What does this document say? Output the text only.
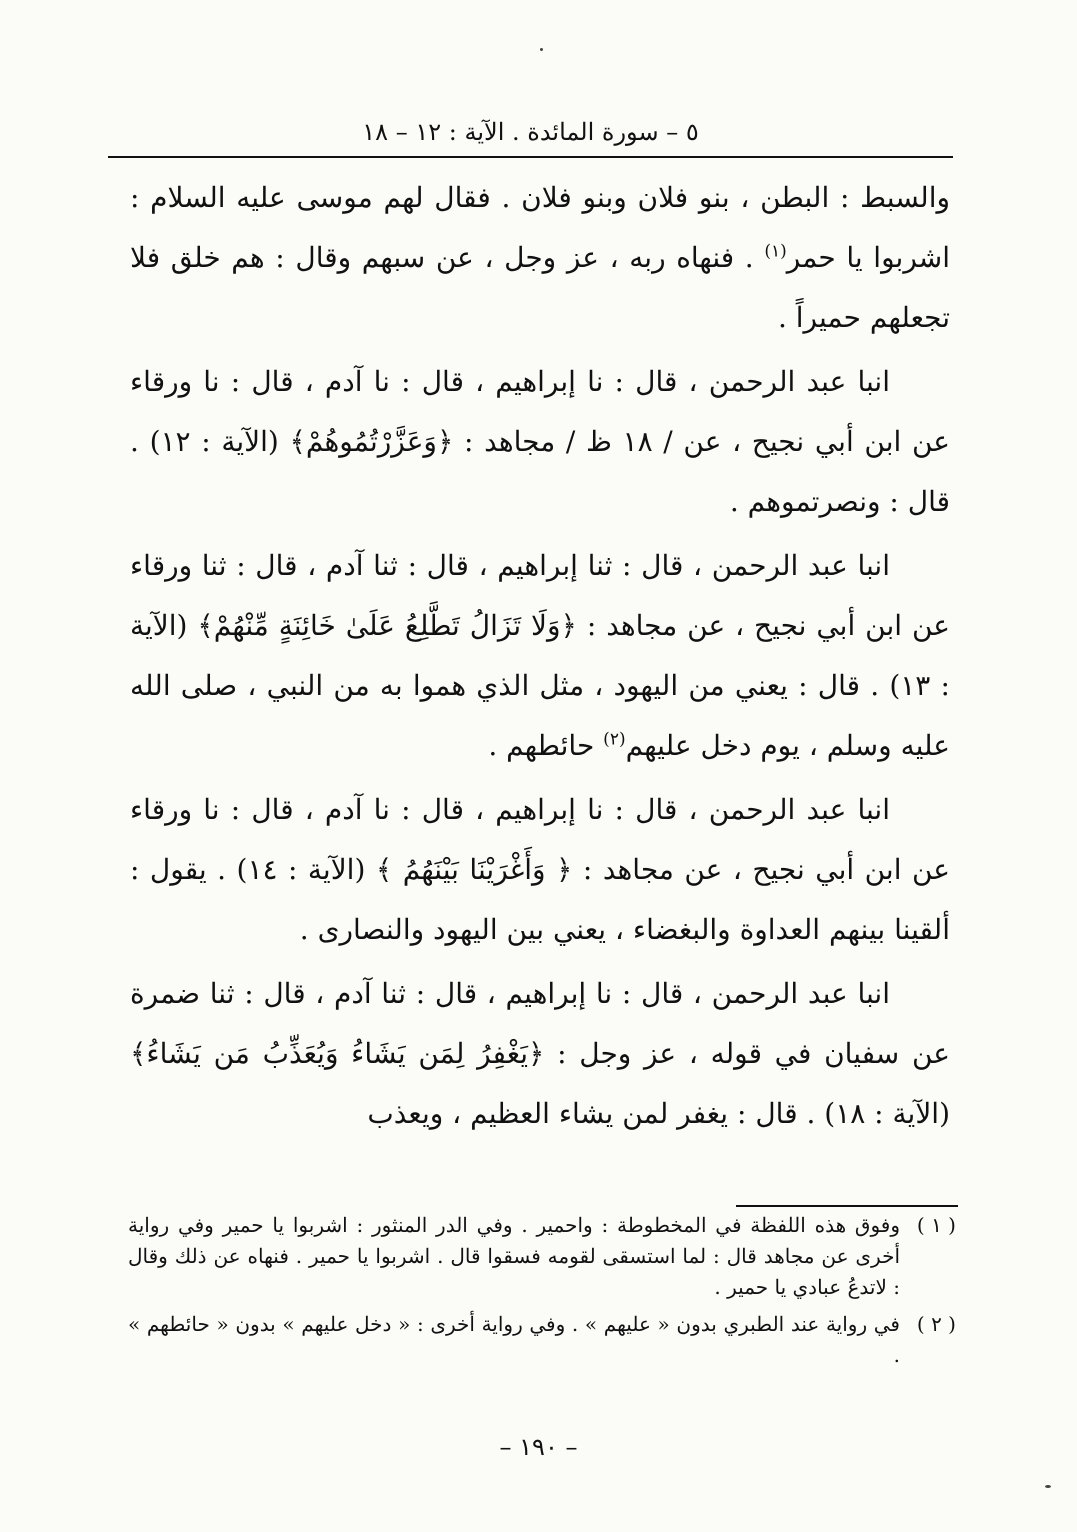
٥ – سورة المائدة . الآية : ١٢ – ١٨

والسبط : البطن ، بنو فلان وبنو فلان . فقال لهم موسى عليه السلام : اشربوا يا حمر$^{(١)}$ . فنهاه ربه ، عز وجل ، عن سبهم وقال : هم خلق فلا تجعلهم حميراً .

انبا عبد الرحمن ، قال : نا إبراهيم ، قال : نا آدم ، قال : نا ورقاء عن ابن أبي نجيح ، عن / ١٨ ظ / مجاهد : ﴿وَعَزَّرْتُمُوهُمْ﴾ (الآية : ١٢) . قال : ونصرتموهم .

انبا عبد الرحمن ، قال : ثنا إبراهيم ، قال : ثنا آدم ، قال : ثنا ورقاء عن ابن أبي نجيح ، عن مجاهد : ﴿وَلَا تَزَالُ تَطَّلِعُ عَلَىٰ خَائِنَةٍ مِّنْهُمْ﴾ (الآية : ١٣) . قال : يعني من اليهود ، مثل الذي هموا به من النبي ، صلى الله عليه وسلم ، يوم دخل عليهم$^{(٢)}$ حائطهم .

انبا عبد الرحمن ، قال : نا إبراهيم ، قال : نا آدم ، قال : نا ورقاء عن ابن أبي نجيح ، عن مجاهد : ﴿ وَأَغْرَيْنَا بَيْنَهُمُ ﴾ (الآية : ١٤) . يقول : ألقينا بينهم العداوة والبغضاء ، يعني بين اليهود والنصارى .

انبا عبد الرحمن ، قال : نا إبراهيم ، قال : ثنا آدم ، قال : ثنا ضمرة عن سفيان في قوله ، عز وجل : ﴿يَغْفِرُ لِمَن يَشَاءُ وَيُعَذِّبُ مَن يَشَاءُ﴾ (الآية : ١٨) . قال : يغفر لمن يشاء العظيم ، ويعذب

( ١ )
وفوق هذه اللفظة في المخطوطة : واحمير . وفي الدر المنثور : اشربوا يا حمير وفي رواية أخرى عن مجاهد قال : لما استسقى لقومه فسقوا قال . اشربوا يا حمير . فنهاه عن ذلك وقال : لاتدعُ عبادي يا حمير .
( ٢ )
في رواية عند الطبري بدون « عليهم » . وفي رواية أخرى : « دخل عليهم » بدون « حائطهم » .
– ١٩٠ –
